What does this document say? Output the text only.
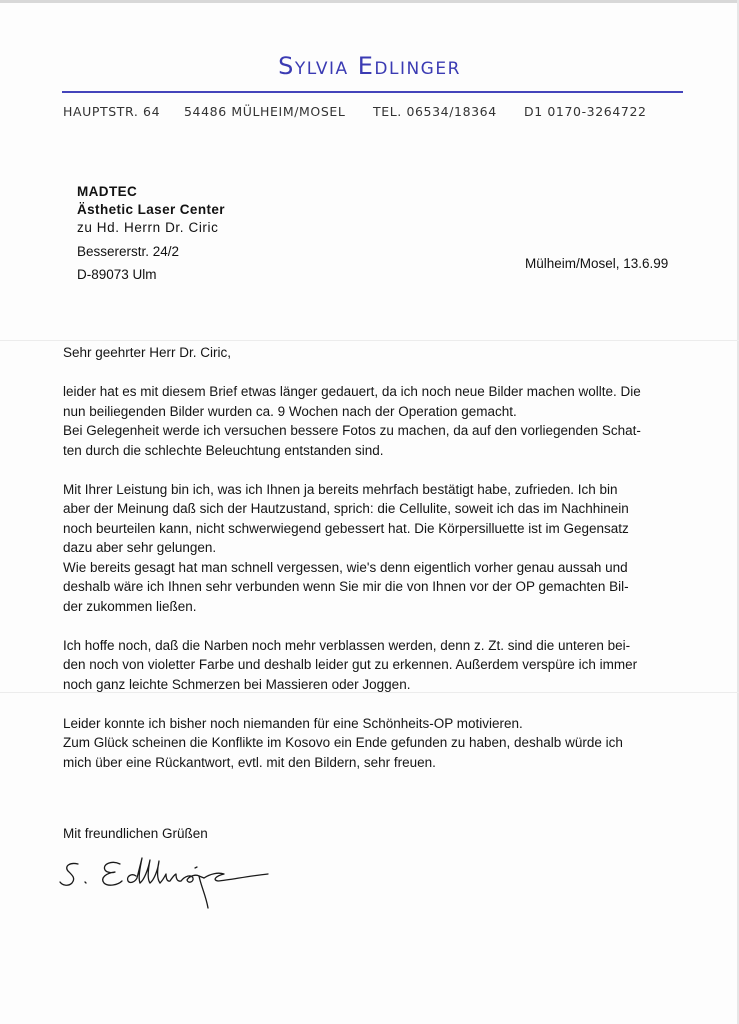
Sylvia Edlinger
HAUPTSTR. 64 54486 MÜLHEIM/MOSEL TEL. 06534/18364 D1 0170-3264722
MADTEC
Ästhetic Laser Center
zu Hd. Herrn Dr. Ciric
Bessererstr. 24/2
D-89073 Ulm
Mülheim/Mosel, 13.6.99

Sehr geehrter Herr Dr. Ciric,

leider hat es mit diesem Brief etwas länger gedauert, da ich noch neue Bilder machen wollte. Die
nun beiliegenden Bilder wurden ca. 9 Wochen nach der Operation gemacht.
Bei Gelegenheit werde ich versuchen bessere Fotos zu machen, da auf den vorliegenden Schat-
ten durch die schlechte Beleuchtung entstanden sind.

Mit Ihrer Leistung bin ich, was ich Ihnen ja bereits mehrfach bestätigt habe, zufrieden. Ich bin
aber der Meinung daß sich der Hautzustand, sprich: die Cellulite, soweit ich das im Nachhinein
noch beurteilen kann, nicht schwerwiegend gebessert hat. Die Körpersilluette ist im Gegensatz
dazu aber sehr gelungen.
Wie bereits gesagt hat man schnell vergessen, wie's denn eigentlich vorher genau aussah und
deshalb wäre ich Ihnen sehr verbunden wenn Sie mir die von Ihnen vor der OP gemachten Bil-
der zukommen ließen.

Ich hoffe noch, daß die Narben noch mehr verblassen werden, denn z. Zt. sind die unteren bei-
den noch von violetter Farbe und deshalb leider gut zu erkennen. Außerdem verspüre ich immer
noch ganz leichte Schmerzen bei Massieren oder Joggen.

Leider konnte ich bisher noch niemanden für eine Schönheits-OP motivieren.
Zum Glück scheinen die Konflikte im Kosovo ein Ende gefunden zu haben, deshalb würde ich
mich über eine Rückantwort, evtl. mit den Bildern, sehr freuen.

Mit freundlichen Grüßen
